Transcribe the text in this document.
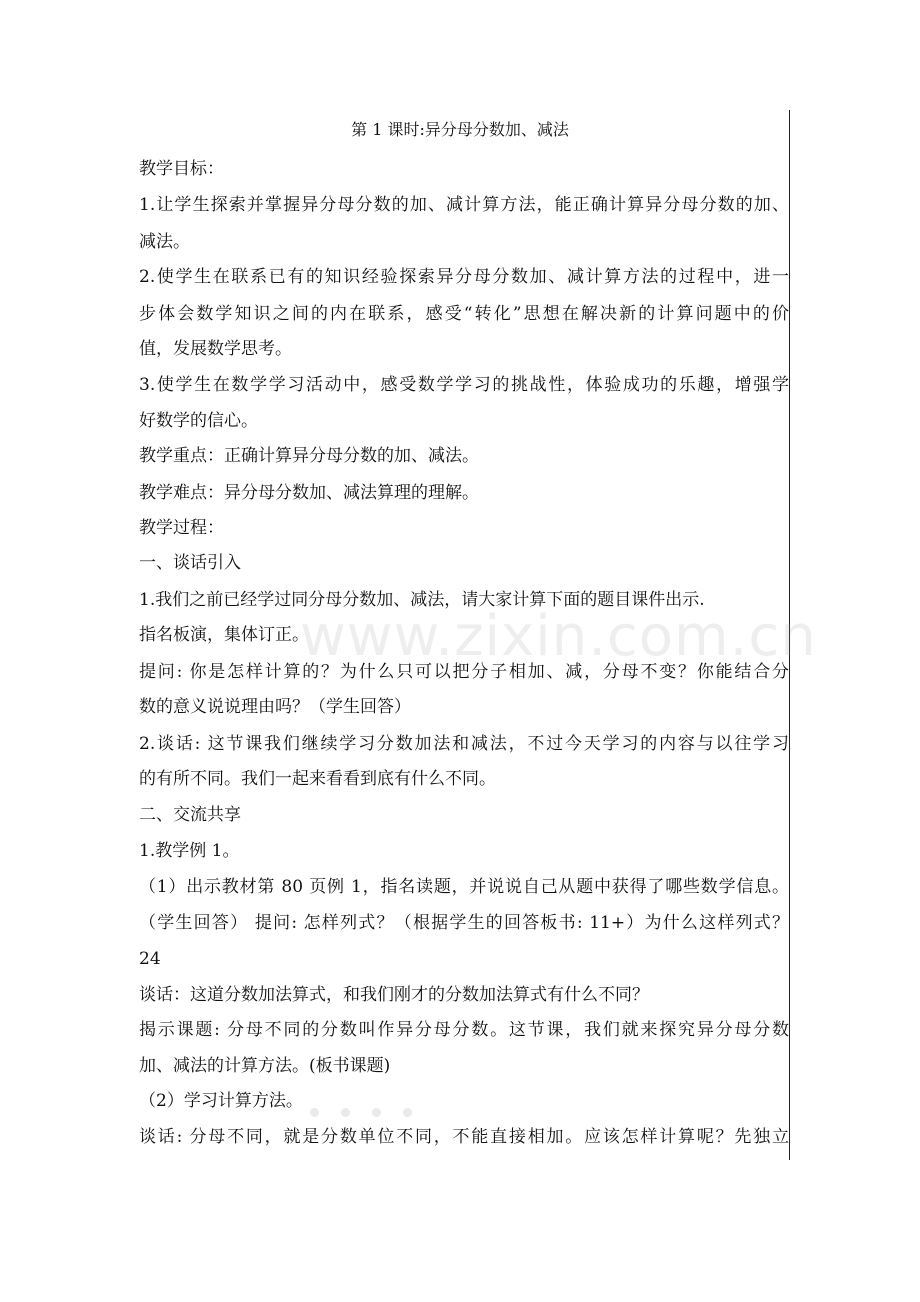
www.zixin.com.cn
第 1 课时:异分母分数加、减法
教学目标：
1.让学生探索并掌握异分母分数的加、减计算方法，能正确计算异分母分数的加、
减法。
2.使学生在联系已有的知识经验探索异分母分数加、减计算方法的过程中，进一
步体会数学知识之间的内在联系，感受“转化”思想在解决新的计算问题中的价
值，发展数学思考。
3.使学生在数学学习活动中，感受数学学习的挑战性，体验成功的乐趣，增强学
好数学的信心。
教学重点：正确计算异分母分数的加、减法。
教学难点：异分母分数加、减法算理的理解。
教学过程：
一、谈话引入
1.我们之前已经学过同分母分数加、减法，请大家计算下面的题目课件出示.
指名板演，集体订正。
提问: 你是怎样计算的？为什么只可以把分子相加、减，分母不变？你能结合分
数的意义说说理由吗？（学生回答）
2.谈话: 这节课我们继续学习分数加法和减法，不过今天学习的内容与以往学习
的有所不同。我们一起来看看到底有什么不同。
二、交流共享
1.教学例 1。
（1）出示教材第 80 页例 1，指名读题，并说说自己从题中获得了哪些数学信息。
（学生回答） 提问: 怎样列式？（根据学生的回答板书: 11+）为什么这样列式？
24
谈话：这道分数加法算式，和我们刚才的分数加法算式有什么不同？
揭示课题: 分母不同的分数叫作异分母分数。这节课，我们就来探究异分母分数
加、减法的计算方法。(板书课题)
（2）学习计算方法。
谈话: 分母不同，就是分数单位不同，不能直接相加。应该怎样计算呢？先独立
